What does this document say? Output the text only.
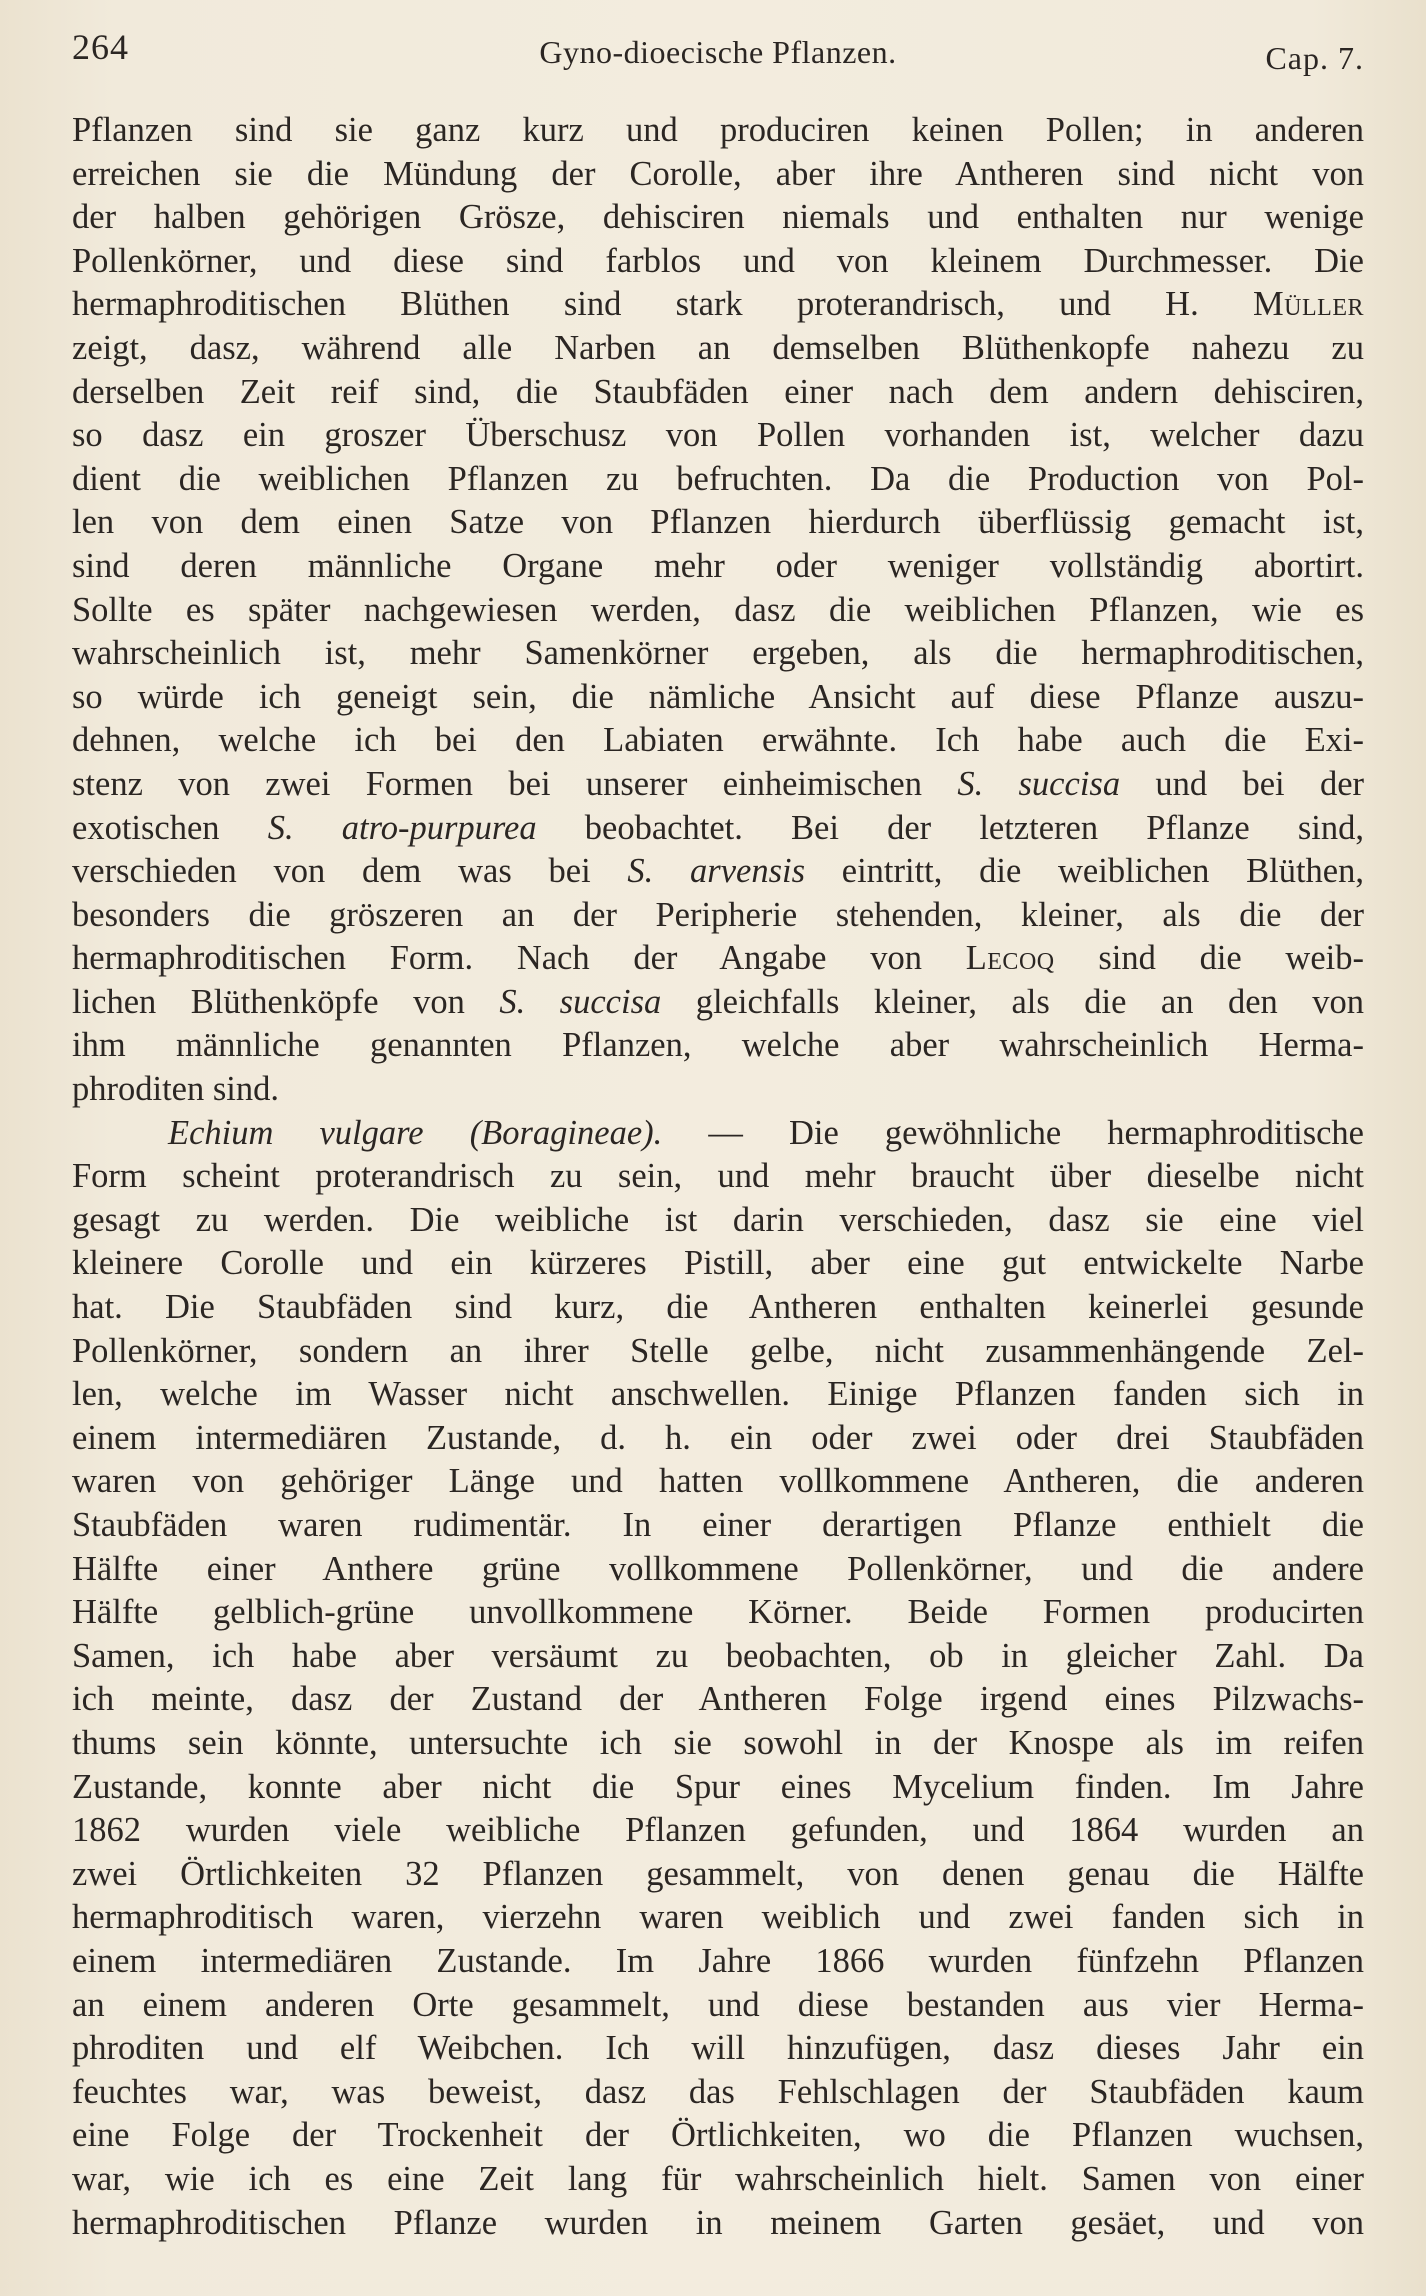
264	Gyno-dioecische Pflanzen.	Cap. 7.
Pflanzen sind sie ganz kurz und produciren keinen Pollen; in anderen
erreichen sie die Mündung der Corolle, aber ihre Antheren sind nicht von
der halben gehörigen Grösze, dehisciren niemals und enthalten nur wenige
Pollenkörner, und diese sind farblos und von kleinem Durchmesser. Die
hermaphroditischen Blüthen sind stark proterandrisch, und H. Müller
zeigt, dasz, während alle Narben an demselben Blüthenkopfe nahezu zu
derselben Zeit reif sind, die Staubfäden einer nach dem andern dehisciren,
so dasz ein groszer Überschusz von Pollen vorhanden ist, welcher dazu
dient die weiblichen Pflanzen zu befruchten. Da die Production von Pol-
len von dem einen Satze von Pflanzen hierdurch überflüssig gemacht ist,
sind deren männliche Organe mehr oder weniger vollständig abortirt.
Sollte es später nachgewiesen werden, dasz die weiblichen Pflanzen, wie es
wahrscheinlich ist, mehr Samenkörner ergeben, als die hermaphroditischen,
so würde ich geneigt sein, die nämliche Ansicht auf diese Pflanze auszu-
dehnen, welche ich bei den Labiaten erwähnte. Ich habe auch die Exi-
stenz von zwei Formen bei unserer einheimischen S. succisa und bei der
exotischen S. atro-purpurea beobachtet. Bei der letzteren Pflanze sind,
verschieden von dem was bei S. arvensis eintritt, die weiblichen Blüthen,
besonders die gröszeren an der Peripherie stehenden, kleiner, als die der
hermaphroditischen Form. Nach der Angabe von Lecoq sind die weib-
lichen Blüthenköpfe von S. succisa gleichfalls kleiner, als die an den von
ihm männliche genannten Pflanzen, welche aber wahrscheinlich Herma-
phroditen sind.
Echium vulgare (Boragineae). — Die gewöhnliche hermaphroditische
Form scheint proterandrisch zu sein, und mehr braucht über dieselbe nicht
gesagt zu werden. Die weibliche ist darin verschieden, dasz sie eine viel
kleinere Corolle und ein kürzeres Pistill, aber eine gut entwickelte Narbe
hat. Die Staubfäden sind kurz, die Antheren enthalten keinerlei gesunde
Pollenkörner, sondern an ihrer Stelle gelbe, nicht zusammenhängende Zel-
len, welche im Wasser nicht anschwellen. Einige Pflanzen fanden sich in
einem intermediären Zustande, d. h. ein oder zwei oder drei Staubfäden
waren von gehöriger Länge und hatten vollkommene Antheren, die anderen
Staubfäden waren rudimentär. In einer derartigen Pflanze enthielt die
Hälfte einer Anthere grüne vollkommene Pollenkörner, und die andere
Hälfte gelblich-grüne unvollkommene Körner. Beide Formen producirten
Samen, ich habe aber versäumt zu beobachten, ob in gleicher Zahl. Da
ich meinte, dasz der Zustand der Antheren Folge irgend eines Pilzwachs-
thums sein könnte, untersuchte ich sie sowohl in der Knospe als im reifen
Zustande, konnte aber nicht die Spur eines Mycelium finden. Im Jahre
1862 wurden viele weibliche Pflanzen gefunden, und 1864 wurden an
zwei Örtlichkeiten 32 Pflanzen gesammelt, von denen genau die Hälfte
hermaphroditisch waren, vierzehn waren weiblich und zwei fanden sich in
einem intermediären Zustande. Im Jahre 1866 wurden fünfzehn Pflanzen
an einem anderen Orte gesammelt, und diese bestanden aus vier Herma-
phroditen und elf Weibchen. Ich will hinzufügen, dasz dieses Jahr ein
feuchtes war, was beweist, dasz das Fehlschlagen der Staubfäden kaum
eine Folge der Trockenheit der Örtlichkeiten, wo die Pflanzen wuchsen,
war, wie ich es eine Zeit lang für wahrscheinlich hielt. Samen von einer
hermaphroditischen Pflanze wurden in meinem Garten gesäet, und von
